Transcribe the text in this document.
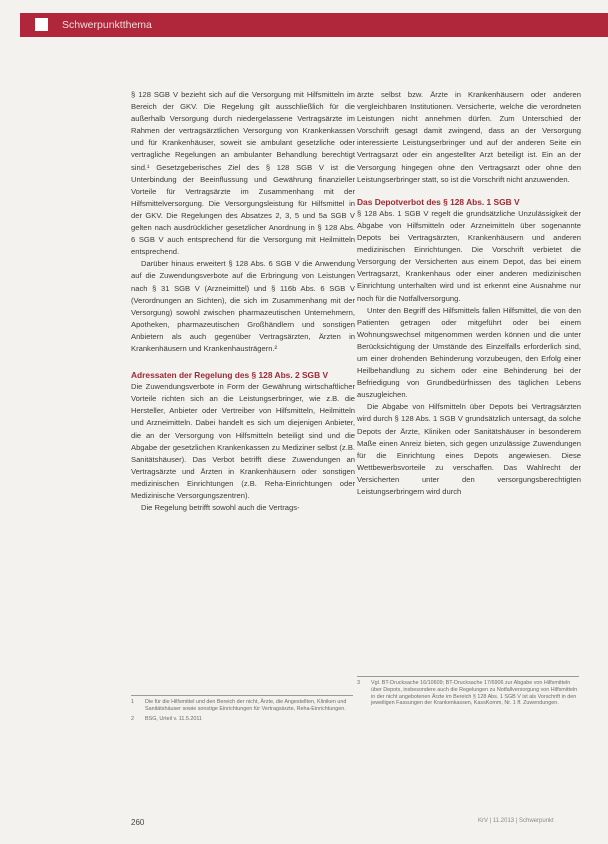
Schwerpunktthema

§ 128 SGB V bezieht sich auf die Versorgung mit Hilfsmitteln im Bereich der GKV. Die Regelung gilt ausschließlich für die außerhalb Versorgung durch niedergelassene Vertragsärzte im Rahmen der vertragsärztlichen Versorgung von Krankenkassen und für Krankenhäuser, soweit sie ambulant gesetzliche oder vertragliche Regelungen an ambulanter Behandlung berechtigt sind.¹ Gesetzgeberisches Ziel des § 128 SGB V ist die Unterbindung der Beeinflussung und Gewährung finanzieller Vorteile für Vertragsärzte im Zusammenhang mit der Hilfsmittelversorgung. Die Versorgungsleistung für Hilfsmittel in der GKV. Die Regelungen des Absatzes 2, 3, 5 und 5a SGB V gelten nach ausdrücklicher gesetzlicher Anordnung in § 128 Abs. 6 SGB V auch entsprechend für die Versorgung mit Heilmitteln entsprechend.

Darüber hinaus erweitert § 128 Abs. 6 SGB V die Anwendung auf die Zuwendungsverbote auf die Erbringung von Leistungen nach § 31 SGB V (Arzneimittel) und § 116b Abs. 6 SGB V (Verordnungen an Sichten), die sich im Zusammenhang mit der Versorgung) sowohl zwischen pharmazeutischen Unternehmern, Apotheken, pharmazeutischen Großhändlern und sonstigen Anbietern als auch gegenüber Vertragsärzten, Ärzten in Krankenhäusern und Krankenhausträgern.²

Adressaten der Regelung des § 128 Abs. 2 SGB V

Die Zuwendungsverbote in Form der Gewährung wirtschaftlicher Vorteile richten sich an die Leistungserbringer, wie z.B. die Hersteller, Anbieter oder Vertreiber von Hilfsmitteln, Heilmitteln und Arzneimitteln. Dabei handelt es sich um diejenigen Anbieter, die an der Versorgung von Hilfsmitteln beteiligt sind und die Abgabe der gesetzlichen Krankenkassen zu Mediziner selbst (z.B. Sanitätshäuser). Das Verbot betrifft diese Zuwendungen an Vertragsärzte und Ärzten in Krankenhäusern oder sonstigen medizinischen Einrichtungen (z.B. Reha-Einrichtungen oder Medizinische Versorgungszentren).

Die Regelung betrifft sowohl auch die Vertrags-

ärzte selbst bzw. Ärzte in Krankenhäusern oder anderen vergleichbaren Institutionen. Versicherte, welche die verordneten Leistungen nicht annehmen dürfen. Zum Unterschied der Vorschrift gesagt damit zwingend, dass an der Versorgung interessierte Leistungserbringer und auf der anderen Seite ein Vertragsarzt oder ein angestellter Arzt beteiligt ist. Ein an der Versorgung hingegen ohne den Vertragsarzt oder ohne den Leistungserbringer statt, so ist die Vorschrift nicht anzuwenden.

Das Depotverbot des § 128 Abs. 1 SGB V

§ 128 Abs. 1 SGB V regelt die grundsätzliche Unzulässigkeit der Abgabe von Hilfsmitteln oder Arzneimitteln über sogenannte Depots bei Vertragsärzten, Krankenhäusern und anderen medizinischen Einrichtungen. Die Vorschrift verbietet die Versorgung der Versicherten aus einem Depot, das bei einem Vertragsarzt, Krankenhaus oder einer anderen medizinischen Einrichtung unterhalten wird und ist erkennt eine Ausnahme nur noch für die Notfallversorgung.

Unter den Begriff des Hilfsmittels fallen Hilfsmittel, die von den Patienten getragen oder mitgeführt oder bei einem Wohnungswechsel mitgenommen werden können und die unter Berücksichtigung der Umstände des Einzelfalls erforderlich sind, um einer drohenden Behinderung vorzubeugen, den Erfolg einer Heilbehandlung zu sichern oder eine Behinderung bei der Befriedigung von Grundbedürfnissen des täglichen Lebens auszugleichen.

Die Abgabe von Hilfsmitteln über Depots bei Vertragsärzten wird durch § 128 Abs. 1 SGB V grundsätzlich untersagt, da solche Depots der Ärzte, Kliniken oder Sanitätshäuser in besonderem Maße einen Anreiz bieten, sich gegen unzulässige Zuwendungen für die Einrichtung eines Depots angewiesen. Diese Wettbewerbsvorteile zu verschaffen. Das Wahlrecht der Versicherten unter den versorgungsberechtigten Leistungserbringern wird durch

1	Die für die Hilfsmittel und den Bereich der nicht, Ärzte, die Angestellten, Kliniken und Sanitätshäuser sowie sonstige Einrichtungen für Vertragsärzte, Reha-Einrichtungen.
2	BSG, Urteil v. 11.5.2011
3	Vgl. BT-Drucksache 16/10609; BT-Drucksache 17/6906 zur Abgabe von Hilfsmitteln über Depots, insbesondere auch die Regelungen zu Notfallversorgung von Hilfsmitteln in der nicht angebotenen Ärzte im Bereich § 128 Abs. 1 SGB V ist als Vorschrift in den jeweiligen Fassungen der Krankenkassen, KassKomm, Nr. 1 ff. Zuwendungen.
260	KrV | 11.2013 | Schwerpunkt
